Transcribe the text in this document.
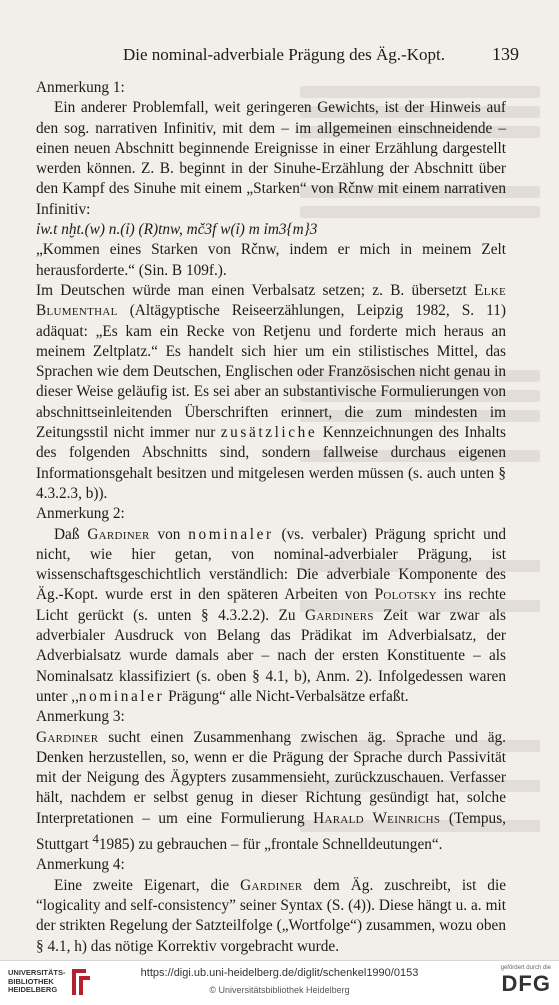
Die nominal-adverbiale Prägung des Äg.-Kopt.	139

Anmerkung 1:

Ein anderer Problemfall, weit geringeren Gewichts, ist der Hinweis auf den sog. narrativen Infinitiv, mit dem – im allgemeinen einschneidende – einen neuen Abschnitt beginnende Ereignisse in einer Erzählung dargestellt werden können. Z. B. beginnt in der Sinuhe-Erzählung der Abschnitt über den Kampf des Sinuhe mit einem „Starken“ von Rčnw mit einem narrativen Infinitiv:

ỉw.t nḫt.(w) n.(ỉ) (R)tnw, mč3f w(ỉ) m ỉm3{m}3

„Kommen eines Starken von Rčnw, indem er mich in meinem Zelt herausforderte.“ (Sin. B 109f.).

Im Deutschen würde man einen Verbalsatz setzen; z. B. übersetzt Elke Blumenthal (Altägyptische Reiseerzählungen, Leipzig 1982, S. 11) adäquat: „Es kam ein Recke von Retjenu und forderte mich heraus an meinem Zeltplatz.“ Es handelt sich hier um ein stilistisches Mittel, das Sprachen wie dem Deutschen, Englischen oder Französischen nicht genau in dieser Weise geläufig ist. Es sei aber an substantivische Formulierungen von abschnittseinleitenden Überschriften erinnert, die zum mindesten im Zeitungsstil nicht immer nur zusätzliche Kennzeichnungen des Inhalts des folgenden Abschnitts sind, sondern fallweise durchaus eigenen Informationsgehalt besitzen und mitgelesen werden müssen (s. auch unten § 4.3.2.3, b)).

Anmerkung 2:

Daß Gardiner von nominaler (vs. verbaler) Prägung spricht und nicht, wie hier getan, von nominal-adverbialer Prägung, ist wissenschaftsgeschichtlich verständlich: Die adverbiale Komponente des Äg.-Kopt. wurde erst in den späteren Arbeiten von Polotsky ins rechte Licht gerückt (s. unten § 4.3.2.2). Zu Gardiners Zeit war zwar als adverbialer Ausdruck von Belang das Prädikat im Adverbialsatz, der Adverbialsatz wurde damals aber – nach der ersten Konstituente – als Nominalsatz klassifiziert (s. oben § 4.1, b), Anm. 2). Infolgedessen waren unter ,,nominaler Prägung“ alle Nicht-Verbalsätze erfaßt.

Anmerkung 3:

Gardiner sucht einen Zusammenhang zwischen äg. Sprache und äg. Denken herzustellen, so, wenn er die Prägung der Sprache durch Passivität mit der Neigung des Ägypters zusammensieht, zurückzuschauen. Verfasser hält, nachdem er selbst genug in dieser Richtung gesündigt hat, solche Interpretationen – um eine Formulierung Harald Weinrichs (Tempus, Stuttgart $^4$1985) zu gebrauchen – für „frontale Schnelldeutungen“.

Anmerkung 4:

Eine zweite Eigenart, die Gardiner dem Äg. zuschreibt, ist die “logicality and self-consistency” seiner Syntax (S. (4)). Diese hängt u. a. mit der strikten Regelung der Satzteilfolge („Wortfolge“) zusammen, wozu oben § 4.1, h) das nötige Korrektiv vorgebracht wurde.

UNIVERSITÄTS-
BIBLIOTHEK
HEIDELBERG
https://digi.ub.uni-heidelberg.de/diglit/schenkel1990/0153
© Universitätsbibliothek Heidelberg
gefördert durch die
DFG
